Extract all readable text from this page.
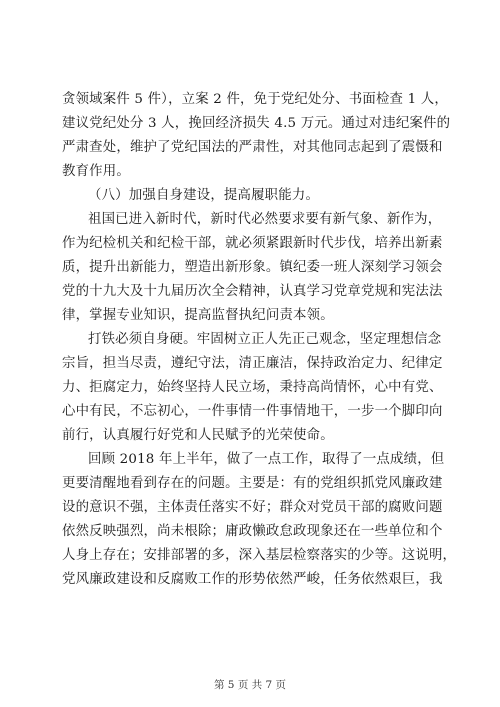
贪领域案件 5 件），立案 2 件，免于党纪处分、书面检查 1 人，
建议党纪处分 3 人，挽回经济损失 4.5 万元。通过对违纪案件的
严肃查处，维护了党纪国法的严肃性，对其他同志起到了震慑和
教育作用。
（八）加强自身建设，提高履职能力。
祖国已进入新时代，新时代必然要求要有新气象、新作为，
作为纪检机关和纪检干部，就必须紧跟新时代步伐，培养出新素
质，提升出新能力，塑造出新形象。镇纪委一班人深刻学习领会
党的十九大及十九届历次全会精神，认真学习党章党规和宪法法
律，掌握专业知识，提高监督执纪问责本领。
打铁必须自身硬。牢固树立正人先正己观念，坚定理想信念
宗旨，担当尽责，遵纪守法，清正廉洁，保持政治定力、纪律定
力、拒腐定力，始终坚持人民立场，秉持高尚情怀，心中有党、
心中有民，不忘初心，一件事情一件事情地干，一步一个脚印向
前行，认真履行好党和人民赋予的光荣使命。
回顾 2018 年上半年，做了一点工作，取得了一点成绩，但
更要清醒地看到存在的问题。主要是：有的党组织抓党风廉政建
设的意识不强，主体责任落实不好；群众对党员干部的腐败问题
依然反映强烈，尚未根除；庸政懒政怠政现象还在一些单位和个
人身上存在；安排部署的多，深入基层检察落实的少等。这说明，
党风廉政建设和反腐败工作的形势依然严峻，任务依然艰巨，我
第 5 页 共 7 页
